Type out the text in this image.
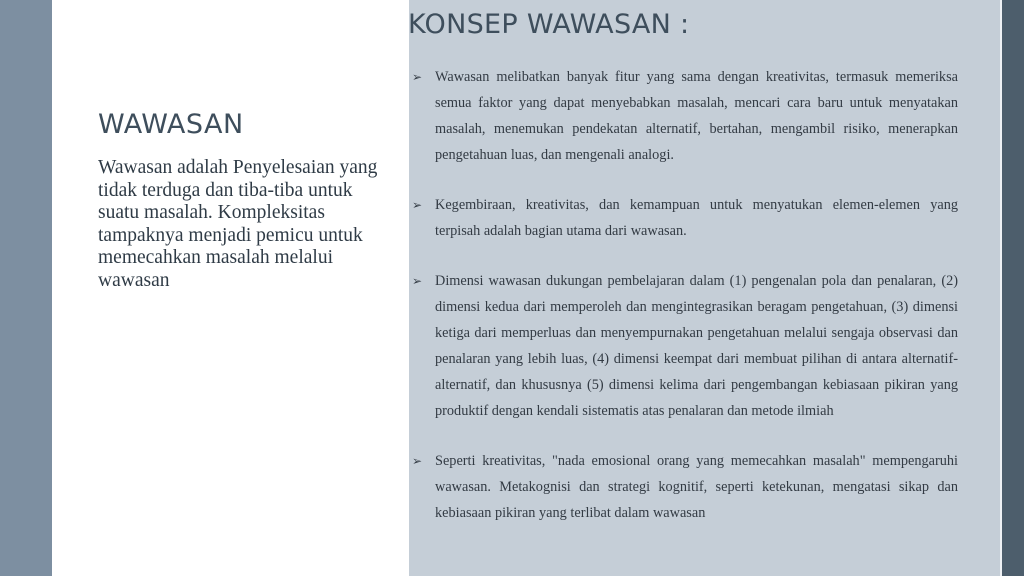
WAWASAN

Wawasan adalah Penyelesaian yang tidak terduga dan tiba-tiba untuk suatu masalah. Kompleksitas tampaknya menjadi pemicu untuk memecahkan masalah melalui wawasan

KONSEP WAWASAN :
➢ Wawasan melibatkan banyak fitur yang sama dengan kreativitas, termasuk memeriksa semua faktor yang dapat menyebabkan masalah, mencari cara baru untuk menyatakan masalah, menemukan pendekatan alternatif, bertahan, mengambil risiko, menerapkan pengetahuan luas, dan mengenali analogi.
➢ Kegembiraan, kreativitas, dan kemampuan untuk menyatukan elemen-elemen yang terpisah adalah bagian utama dari wawasan.
➢ Dimensi wawasan dukungan pembelajaran dalam (1) pengenalan pola dan penalaran, (2) dimensi kedua dari memperoleh dan mengintegrasikan beragam pengetahuan, (3) dimensi ketiga dari memperluas dan menyempurnakan pengetahuan melalui sengaja observasi dan penalaran yang lebih luas, (4) dimensi keempat dari membuat pilihan di antara alternatif-alternatif, dan khususnya (5) dimensi kelima dari pengembangan kebiasaan pikiran yang produktif dengan kendali sistematis atas penalaran dan metode ilmiah
➢ Seperti kreativitas, "nada emosional orang yang memecahkan masalah" mempengaruhi wawasan. Metakognisi dan strategi kognitif, seperti ketekunan, mengatasi sikap dan kebiasaan pikiran yang terlibat dalam wawasan
